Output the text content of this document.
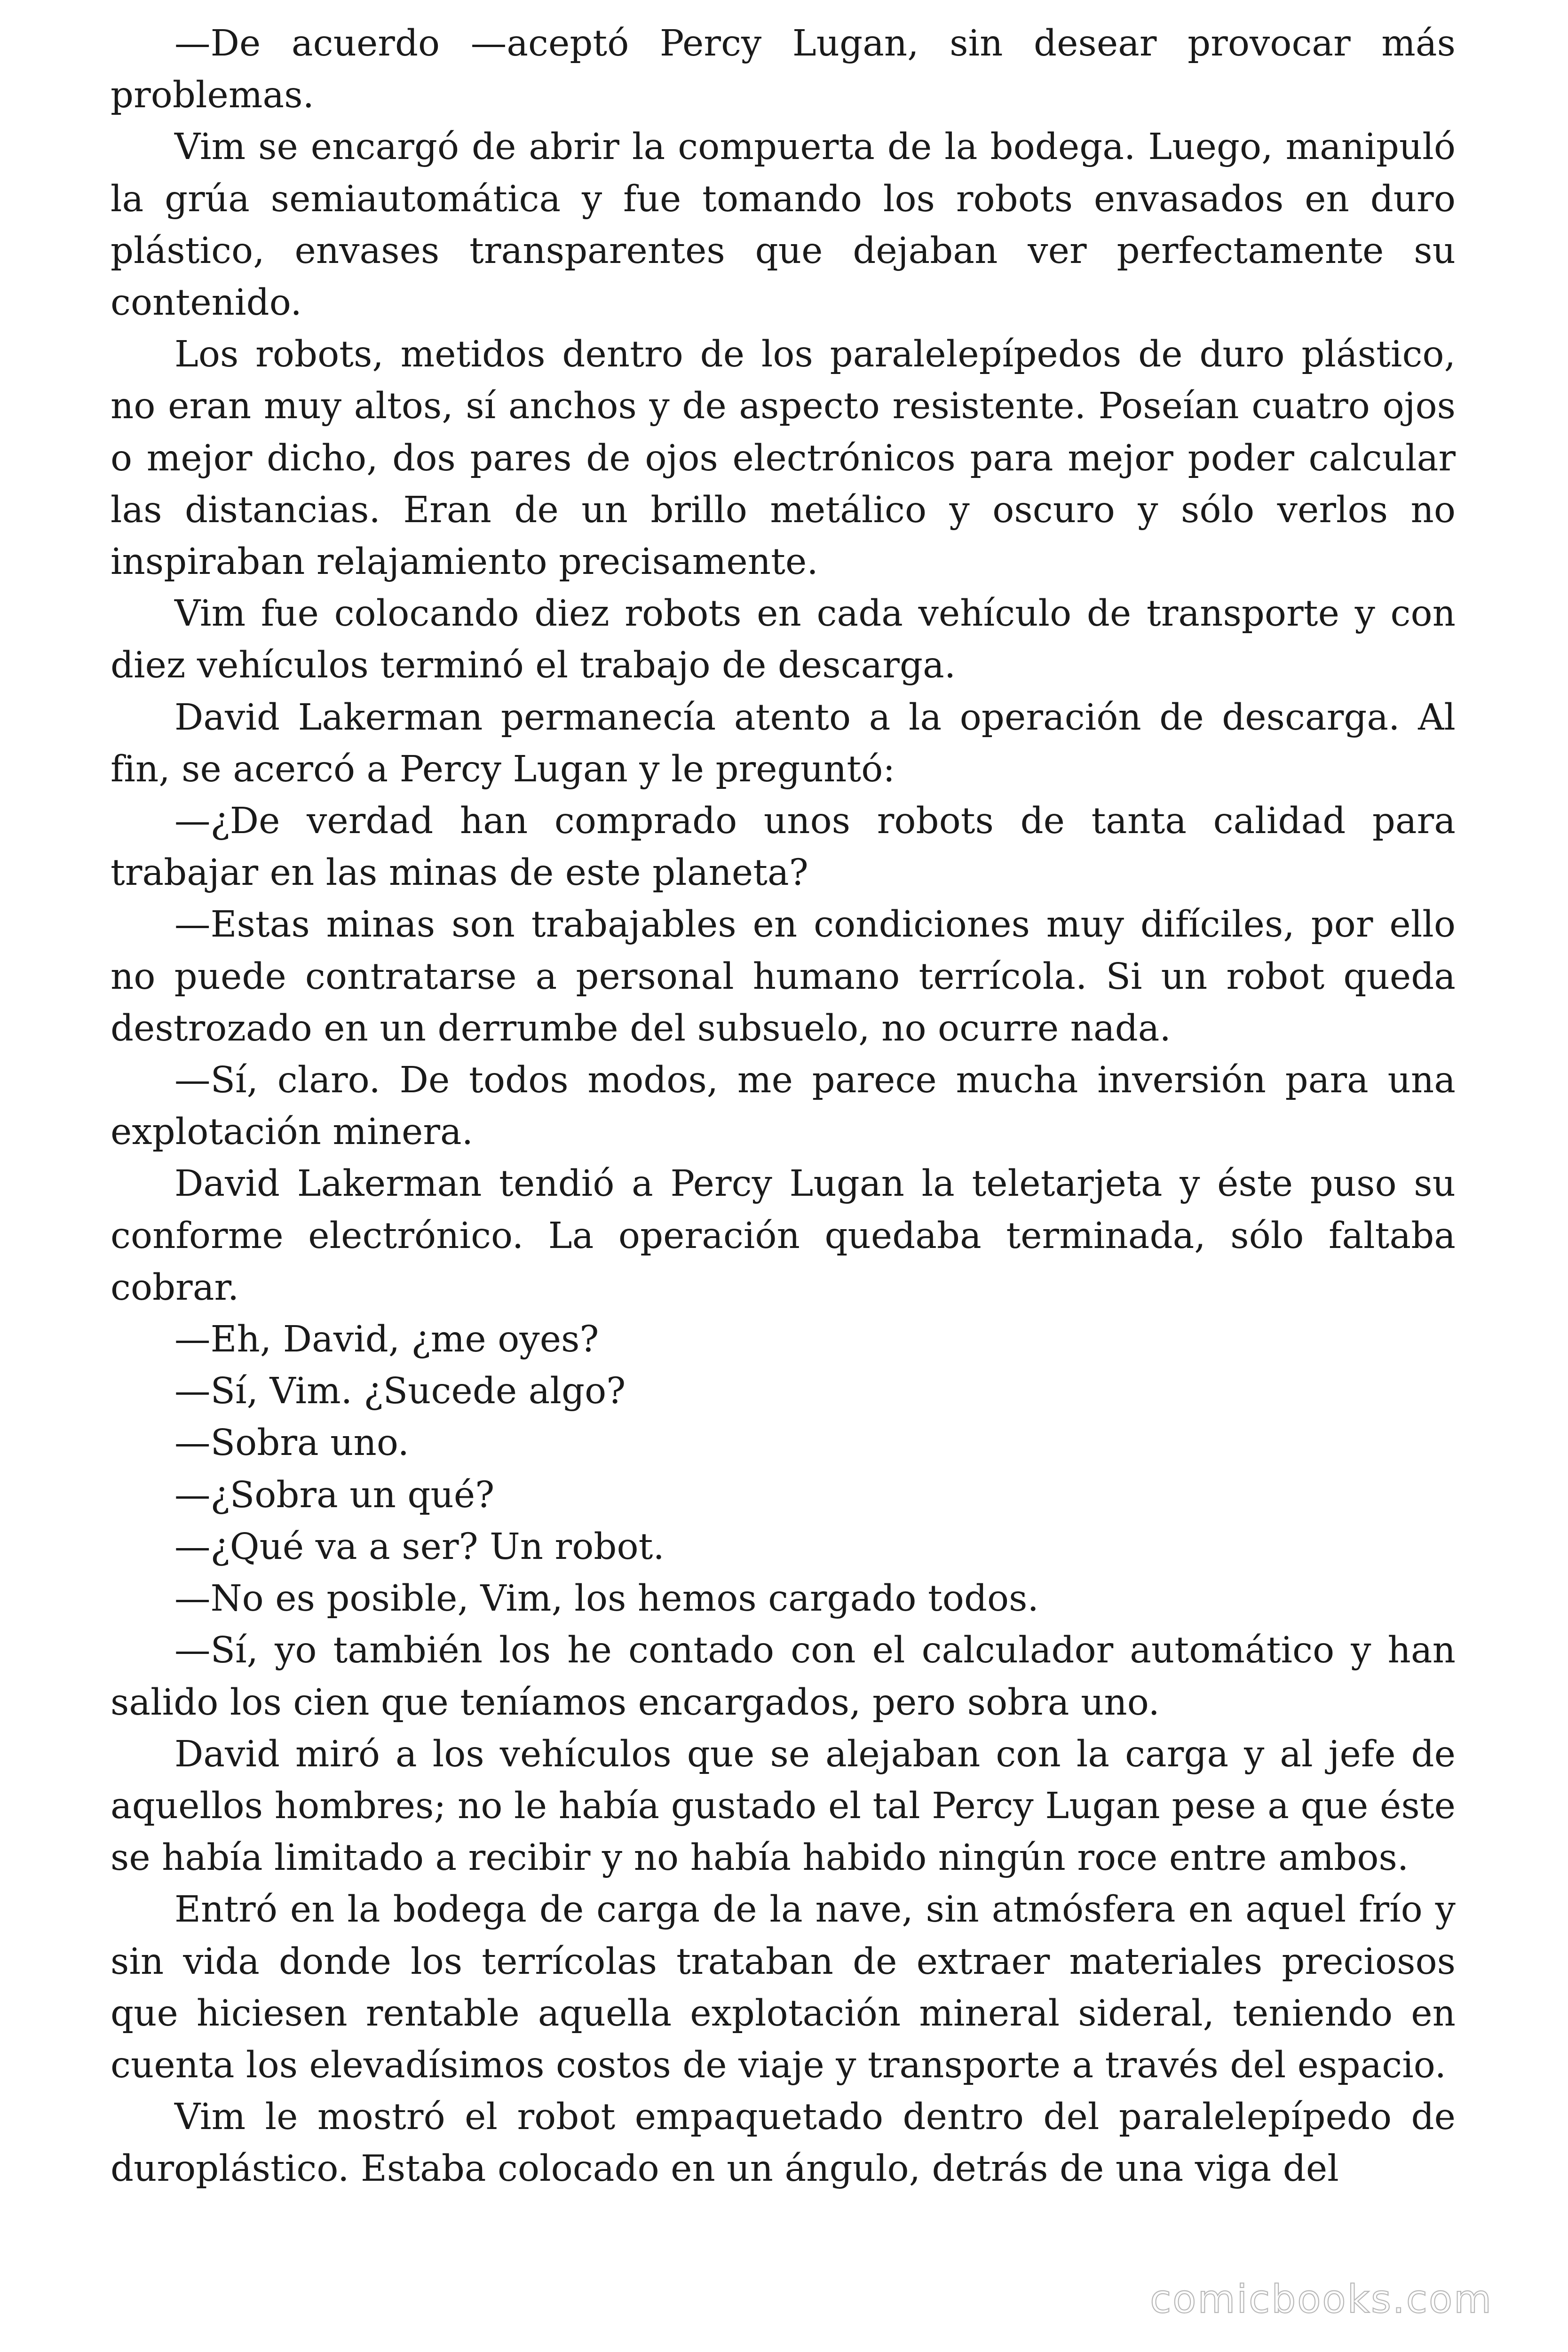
—De acuerdo —aceptó Percy Lugan, sin desear provocar más problemas.

Vim se encargó de abrir la compuerta de la bodega. Luego, manipuló la grúa semiautomática y fue tomando los robots envasados en duro plástico, envases transparentes que dejaban ver perfectamente su contenido.

Los robots, metidos dentro de los paralelepípedos de duro plástico, no eran muy altos, sí anchos y de aspecto resistente. Poseían cuatro ojos o mejor dicho, dos pares de ojos electrónicos para mejor poder calcular las distancias. Eran de un brillo metálico y oscuro y sólo verlos no inspiraban relajamiento precisamente.

Vim fue colocando diez robots en cada vehículo de transporte y con diez vehículos terminó el trabajo de descarga.

David Lakerman permanecía atento a la operación de descarga. Al fin, se acercó a Percy Lugan y le preguntó:

—¿De verdad han comprado unos robots de tanta calidad para trabajar en las minas de este planeta?

—Estas minas son trabajables en condiciones muy difíciles, por ello no puede contratarse a personal humano terrícola. Si un robot queda destrozado en un derrumbe del subsuelo, no ocurre nada.

—Sí, claro. De todos modos, me parece mucha inversión para una explotación minera.

David Lakerman tendió a Percy Lugan la teletarjeta y éste puso su conforme electrónico. La operación quedaba terminada, sólo faltaba cobrar.

—Eh, David, ¿me oyes?

—Sí, Vim. ¿Sucede algo?

—Sobra uno.

—¿Sobra un qué?

—¿Qué va a ser? Un robot.

—No es posible, Vim, los hemos cargado todos.

—Sí, yo también los he contado con el calculador automático y han salido los cien que teníamos encargados, pero sobra uno.

David miró a los vehículos que se alejaban con la carga y al jefe de aquellos hombres; no le había gustado el tal Percy Lugan pese a que éste se había limitado a recibir y no había habido ningún roce entre ambos.

Entró en la bodega de carga de la nave, sin atmósfera en aquel frío y sin vida donde los terrícolas trataban de extraer materiales preciosos que hiciesen rentable aquella explotación mineral sideral, teniendo en cuenta los elevadísimos costos de viaje y transporte a través del espacio.

Vim le mostró el robot empaquetado dentro del paralelepípedo de duroplástico. Estaba colocado en un ángulo, detrás de una viga del

comicbooks.com
